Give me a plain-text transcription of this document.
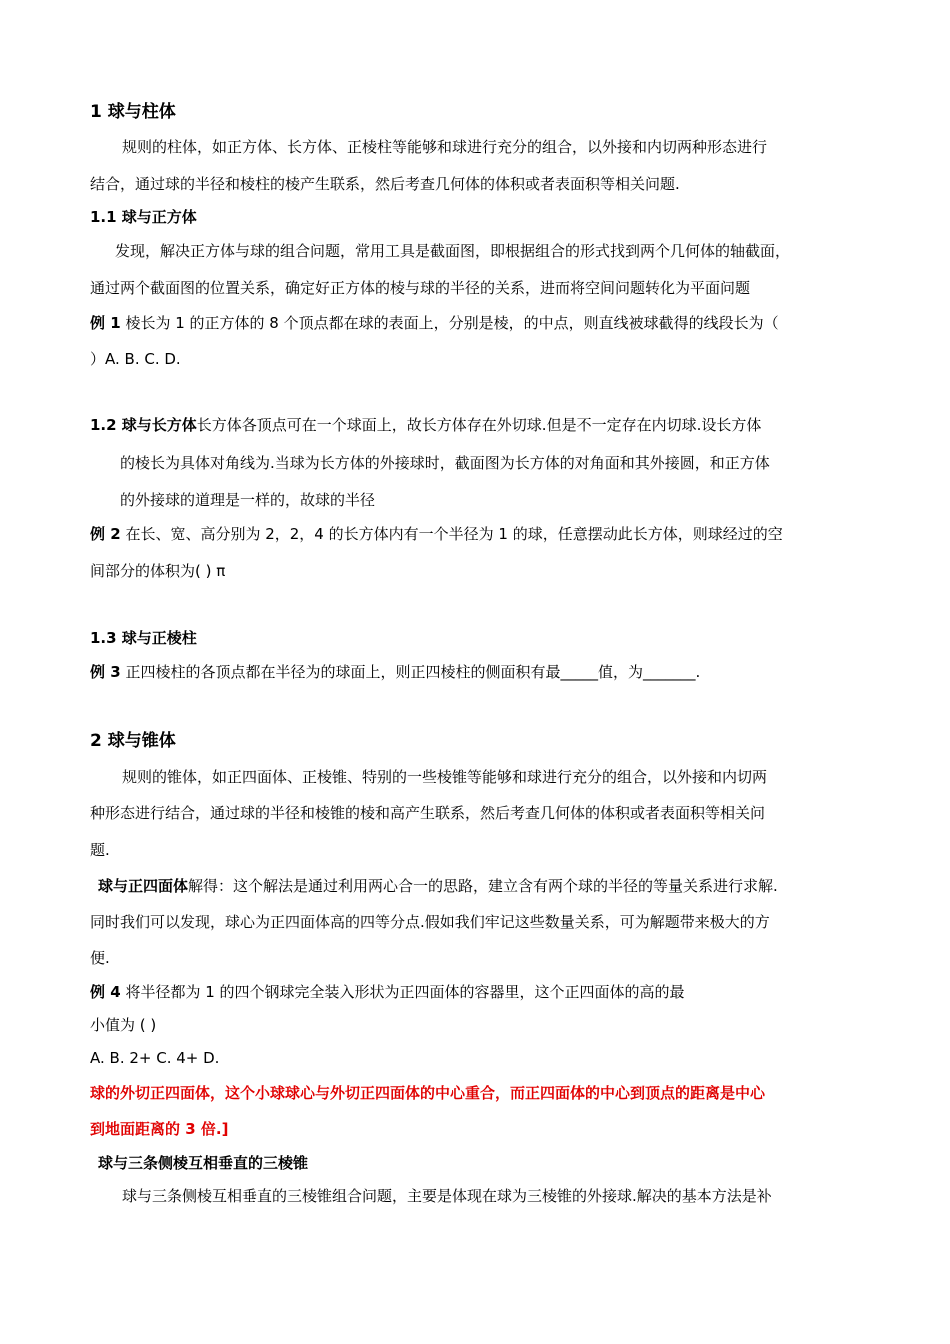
1 球与柱体
规则的柱体，如正方体、长方体、正棱柱等能够和球进行充分的组合，以外接和内切两种形态进行
结合，通过球的半径和棱柱的棱产生联系，然后考查几何体的体积或者表面积等相关问题.
1.1 球与正方体
发现，解决正方体与球的组合问题，常用工具是截面图，即根据组合的形式找到两个几何体的轴截面，
通过两个截面图的位置关系，确定好正方体的棱与球的半径的关系，进而将空间问题转化为平面问题
例 1 棱长为 1 的正方体的 8 个顶点都在球的表面上，分别是棱，的中点，则直线被球截得的线段长为（
）A. B. C. D.
1.2 球与长方体长方体各顶点可在一个球面上，故长方体存在外切球.但是不一定存在内切球.设长方体
的棱长为具体对角线为.当球为长方体的外接球时，截面图为长方体的对角面和其外接圆，和正方体
的外接球的道理是一样的，故球的半径
例 2 在长、宽、高分别为 2，2，4 的长方体内有一个半径为 1 的球，任意摆动此长方体，则球经过的空
间部分的体积为( ) π
1.3 球与正棱柱
例 3 正四棱柱的各顶点都在半径为的球面上，则正四棱柱的侧面积有最_____值，为_______.
2 球与锥体
规则的锥体，如正四面体、正棱锥、特别的一些棱锥等能够和球进行充分的组合，以外接和内切两
种形态进行结合，通过球的半径和棱锥的棱和高产生联系，然后考查几何体的体积或者表面积等相关问
题.
球与正四面体解得：这个解法是通过利用两心合一的思路，建立含有两个球的半径的等量关系进行求解.
同时我们可以发现，球心为正四面体高的四等分点.假如我们牢记这些数量关系，可为解题带来极大的方
便.
例 4 将半径都为 1 的四个钢球完全装入形状为正四面体的容器里，这个正四面体的高的最
小值为 ( )
A. B. 2+ C. 4+ D.
球的外切正四面体，这个小球球心与外切正四面体的中心重合，而正四面体的中心到顶点的距离是中心
到地面距离的 3 倍.]
球与三条侧棱互相垂直的三棱锥
球与三条侧棱互相垂直的三棱锥组合问题，主要是体现在球为三棱锥的外接球.解决的基本方法是补
